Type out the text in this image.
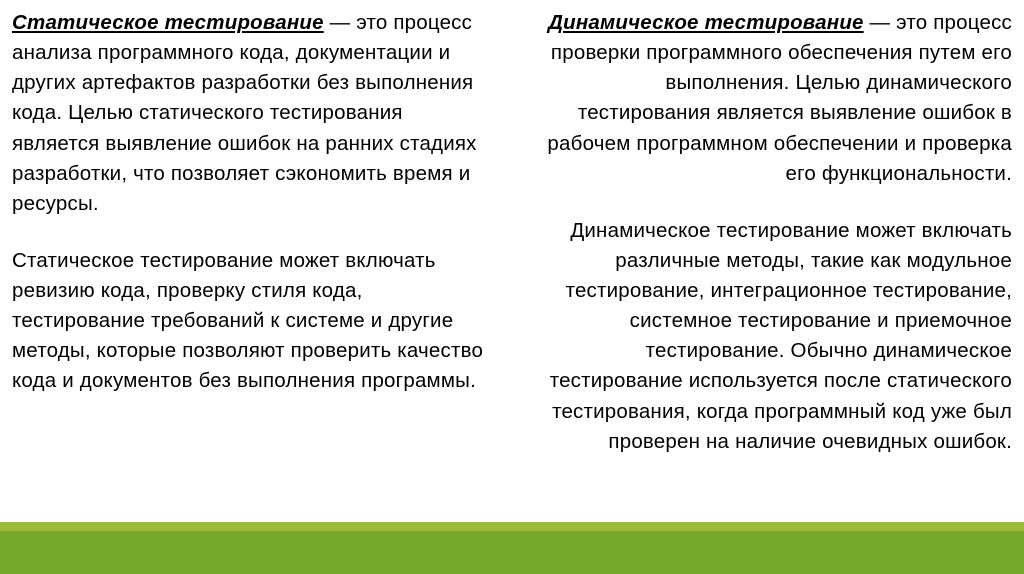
Статическое тестирование — это процесс анализа программного кода, документации и других артефактов разработки без выполнения кода. Целью статического тестирования является выявление ошибок на ранних стадиях разработки, что позволяет сэкономить время и ресурсы.

Статическое тестирование может включать ревизию кода, проверку стиля кода, тестирование требований к системе и другие методы, которые позволяют проверить качество кода и документов без выполнения программы.

Динамическое тестирование — это процесс проверки программного обеспечения путем его выполнения. Целью динамического тестирования является выявление ошибок в рабочем программном обеспечении и проверка его функциональности.

Динамическое тестирование может включать различные методы, такие как модульное тестирование, интеграционное тестирование, системное тестирование и приемочное тестирование. Обычно динамическое тестирование используется после статического тестирования, когда программный код уже был проверен на наличие очевидных ошибок.
